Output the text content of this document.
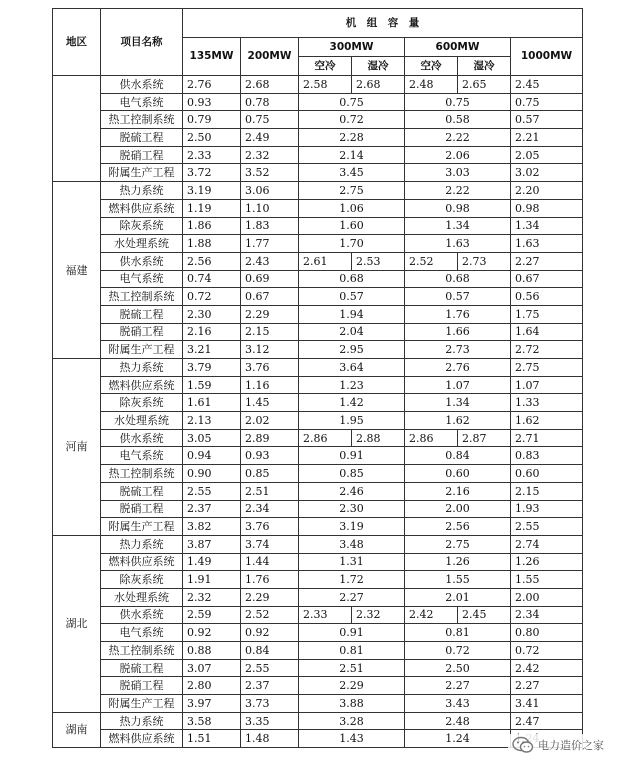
地区	项目名称	机　组　容　量						
		135MW	200MW	300MW		600MW		1000MW
				空冷	湿冷	空冷	湿冷	
	供水系统	2.76	2.68	2.58	2.68	2.48	2.65	2.45
	电气系统	0.93	0.78	0.75		0.75		0.75
	热工控制系统	0.79	0.75	0.72		0.58		0.57
	脱硫工程	2.50	2.49	2.28		2.22		2.21
	脱硝工程	2.33	2.32	2.14		2.06		2.05
	附属生产工程	3.72	3.52	3.45		3.03		3.02
福建	热力系统	3.19	3.06	2.75		2.22		2.20
	燃料供应系统	1.19	1.10	1.06		0.98		0.98
	除灰系统	1.86	1.83	1.60		1.34		1.34
	水处理系统	1.88	1.77	1.70		1.63		1.63
	供水系统	2.56	2.43	2.61	2.53	2.52	2.73	2.27
	电气系统	0.74	0.69	0.68		0.68		0.67
	热工控制系统	0.72	0.67	0.57		0.57		0.56
	脱硫工程	2.30	2.29	1.94		1.76		1.75
	脱硝工程	2.16	2.15	2.04		1.66		1.64
	附属生产工程	3.21	3.12	2.95		2.73		2.72
河南	热力系统	3.79	3.76	3.64		2.76		2.75
	燃料供应系统	1.59	1.16	1.23		1.07		1.07
	除灰系统	1.61	1.45	1.42		1.34		1.33
	水处理系统	2.13	2.02	1.95		1.62		1.62
	供水系统	3.05	2.89	2.86	2.88	2.86	2.87	2.71
	电气系统	0.94	0.93	0.91		0.84		0.83
	热工控制系统	0.90	0.85	0.85		0.60		0.60
	脱硫工程	2.55	2.51	2.46		2.16		2.15
	脱硝工程	2.37	2.34	2.30		2.00		1.93
	附属生产工程	3.82	3.76	3.19		2.56		2.55
湖北	热力系统	3.87	3.74	3.48		2.75		2.74
	燃料供应系统	1.49	1.44	1.31		1.26		1.26
	除灰系统	1.91	1.76	1.72		1.55		1.55
	水处理系统	2.32	2.29	2.27		2.01		2.00
	供水系统	2.59	2.52	2.33	2.32	2.42	2.45	2.34
	电气系统	0.92	0.92	0.91		0.81		0.80
	热工控制系统	0.88	0.84	0.81		0.72		0.72
	脱硫工程	3.07	2.55	2.51		2.50		2.42
	脱硝工程	2.80	2.37	2.29		2.27		2.27
	附属生产工程	3.97	3.73	3.88		3.43		3.41
湖南	热力系统	3.58	3.35	3.28		2.48		2.47
	燃料供应系统	1.51	1.48	1.43		1.24	
电力造价之家
